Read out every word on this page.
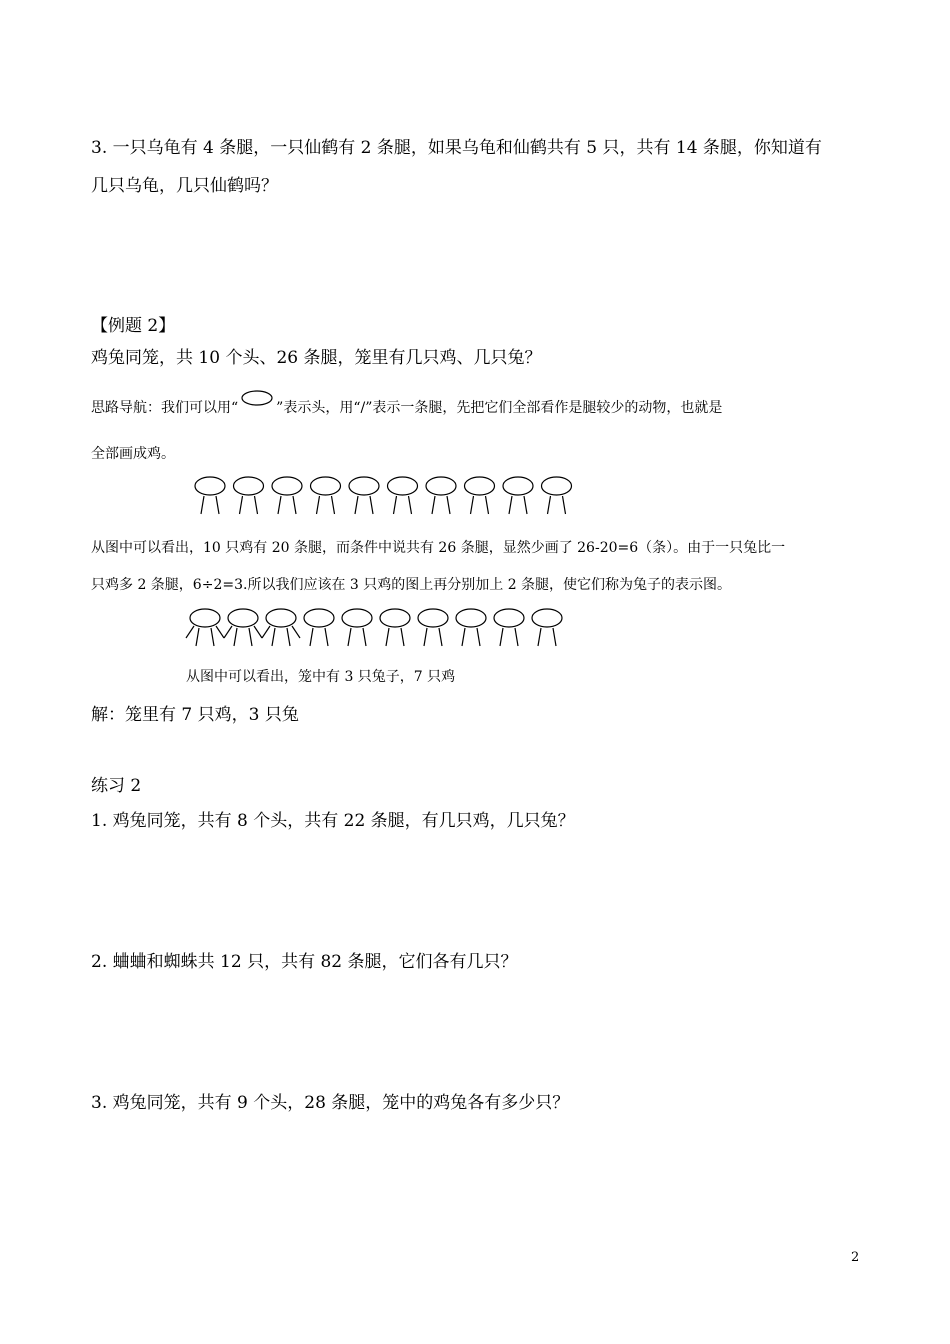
3. 一只乌龟有 4 条腿，一只仙鹤有 2 条腿，如果乌龟和仙鹤共有 5 只，共有 14 条腿，你知道有
几只乌龟，几只仙鹤吗？
【例题 2】
鸡兔同笼，共 10 个头、26 条腿，笼里有几只鸡、几只兔？
思路导航：我们可以用“	”表示头，用“/”表示一条腿，先把它们全部看作是腿较少的动物，也就是
全部画成鸡。
从图中可以看出，10 只鸡有 20 条腿，而条件中说共有 26 条腿，显然少画了 26-20=6（条）。由于一只兔比一
只鸡多 2 条腿，6÷2=3.所以我们应该在 3 只鸡的图上再分别加上 2 条腿，使它们称为兔子的表示图。
从图中可以看出，笼中有 3 只兔子，7 只鸡
解：笼里有 7 只鸡，3 只兔
练习 2
1. 鸡兔同笼，共有 8 个头，共有 22 条腿，有几只鸡，几只兔？
2. 蛐蛐和蜘蛛共 12 只，共有 82 条腿，它们各有几只？
3. 鸡兔同笼，共有 9 个头，28 条腿，笼中的鸡兔各有多少只？
2
